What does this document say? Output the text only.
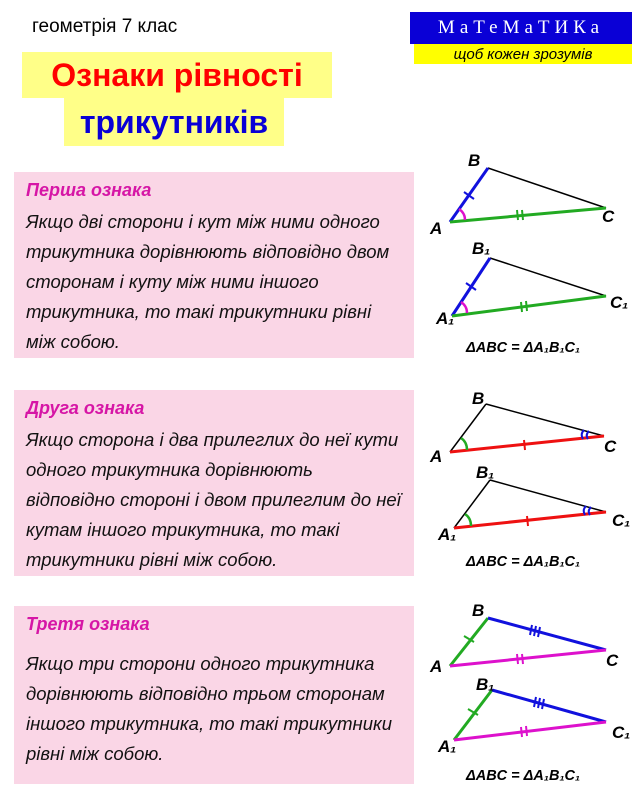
геометрія 7 клас	МаТеМаТИКа
щоб кожен зрозумів
Ознаки рівності
трикутників
Перша ознака
Якщо дві сторони і кут між ними одного трикутника дорівнюють відповідно двом сторонам і куту між ними іншого трикутника, то такі трикутники рівні між собою.
Друга ознака
Якщо сторона і два прилеглих до неї кути одного трикутника дорівнюють відповідно стороні і двом прилеглим до неї кутам іншого трикутника, то такі трикутники рівні між собою.
Третя ознака
Якщо три сторони одного трикутника дорівнюють відповідно трьом сторонам іншого трикутника, то такі трикутники рівні між собою.
B
A
C
B₁
A₁
C₁
ΔABC = ΔA₁B₁C₁
B
A
C
B₁
A₁
C₁
ΔABC = ΔA₁B₁C₁
B
A	C
B₁
A₁
C₁
ΔABC = ΔA₁B₁C₁
